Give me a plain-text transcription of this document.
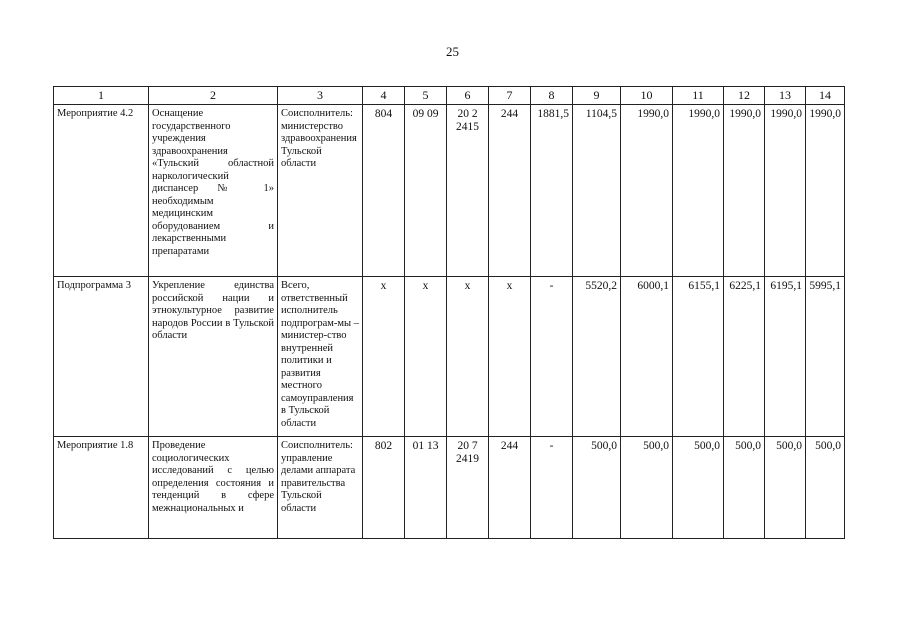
25
1	2	3	4	5	6	7	8	9	10	11	12	13	14
Мероприятие 4.2	Оснащение государственного учреждения здравоохранения «Тульский областной наркологический диспансер № 1» необходимым медицинским оборудованием и лекарственными препаратами	Соисполнитель: министерство здравоохранения Тульской области	804	09 09	20 2 2415	244	1881,5	1104,5	1990,0	1990,0	1990,0	1990,0	1990,0
Подпрограмма 3	Укрепление единства российской нации и этнокультурное развитие народов России в Тульской области	Всего, ответственный исполнитель подпрограм-мы – министер-ство внутренней политики и развития местного самоуправления в Тульской области	x	x	x	x	-	5520,2	6000,1	6155,1	6225,1	6195,1	5995,1
Мероприятие 1.8	Проведение социологических исследований с целью определения состояния и тенденций в сфере межнациональных и	Соисполнитель: управление делами аппарата правительства Тульской области	802	01 13	20 7 2419	244	-	500,0	500,0	500,0	500,0	500,0	500,0
